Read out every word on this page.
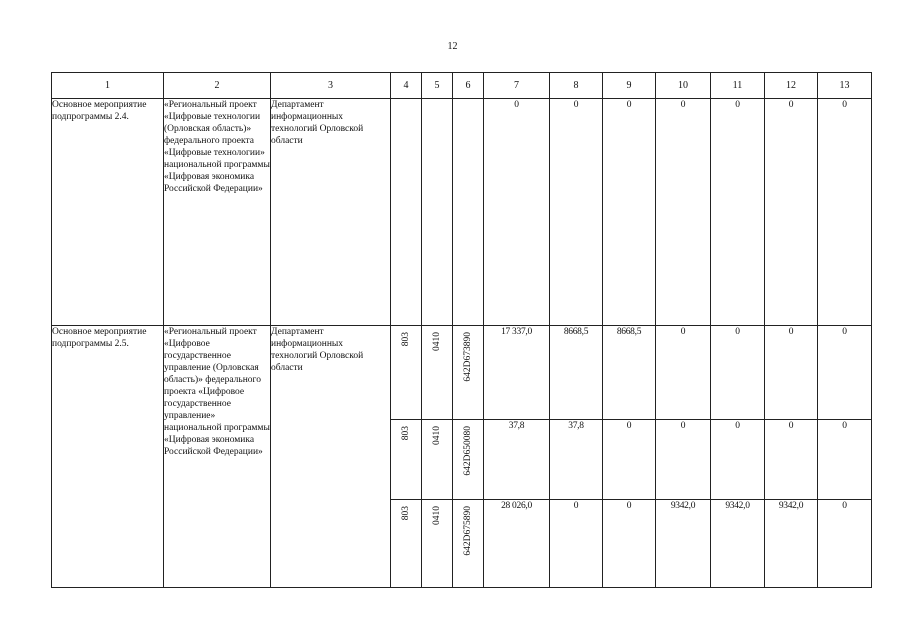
12
1	2	3	4	5	6	7	8	9	10	11	12	13
Основное мероприятие подпрограммы 2.4.	«Региональный проект «Цифровые технологии (Орловская область)» федерального проекта «Цифровые технологии» национальной программы «Цифровая экономика Российской Федерации»	Департамент информационных технологий Орловской области				0	0	0	0	0	0	0
Основное мероприятие подпрограммы 2.5.	«Региональный проект «Цифровое государственное управление (Орловская область)» федерального проекта «Цифровое государственное управление» национальной программы «Цифровая экономика Российской Федерации»	Департамент информационных технологий Орловской области	803	0410	642D673890	17 337,0	8668,5	8668,5	0	0	0	0

			803	0410	642D650080	37,8	37,8	0	0	0	0	0

			803	0410	642D675890	28 026,0	0	0	9342,0	9342,0	9342,0	0
